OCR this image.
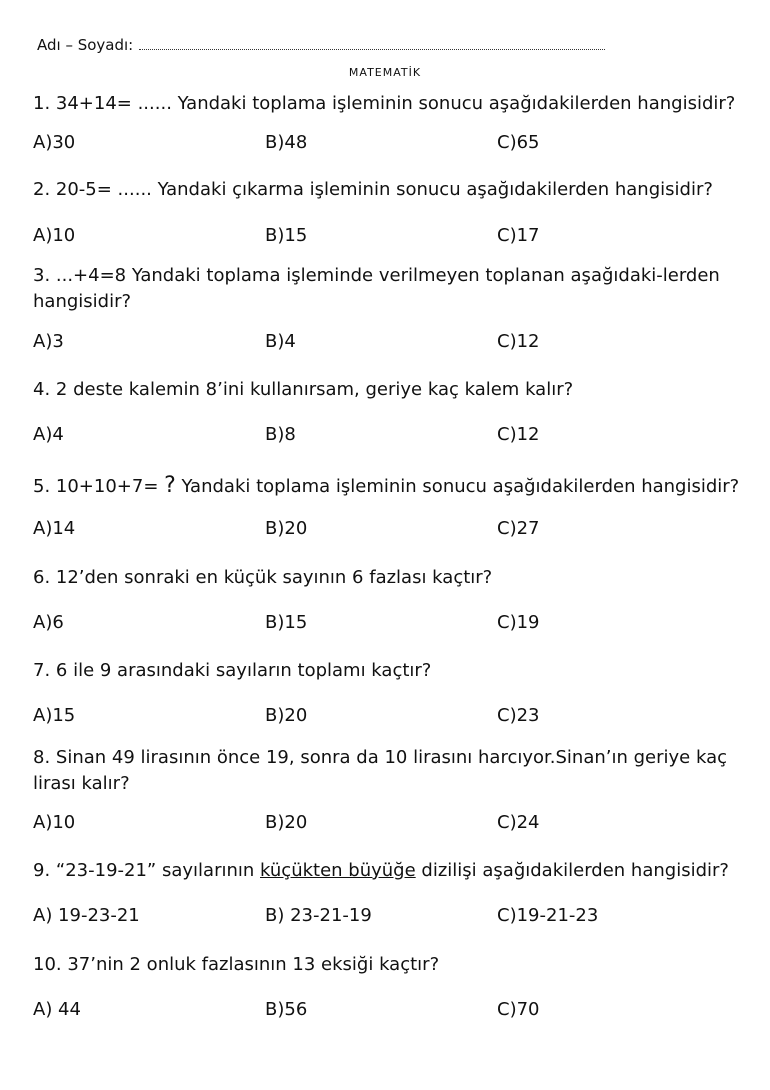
Adı – Soyadı:
MATEMATİK
1. 34+14= ...... Yandaki toplama işleminin sonucu aşağıdakilerden hangisidir?
A)30	B)48	C)65
2. 20-5= ...... Yandaki çıkarma işleminin sonucu aşağıdakilerden hangisidir?
A)10	B)15	C)17
3. ...+4=8 Yandaki toplama işleminde verilmeyen toplanan aşağıdaki-lerden hangisidir?
A)3	B)4	C)12
4. 2 deste kalemin 8’ini kullanırsam, geriye kaç kalem kalır?
A)4	B)8	C)12
5. 10+10+7= ? Yandaki toplama işleminin sonucu aşağıdakilerden hangisidir?
A)14	B)20	C)27
6. 12’den sonraki en küçük sayının 6 fazlası kaçtır?
A)6	B)15	C)19
7. 6 ile 9 arasındaki sayıların toplamı kaçtır?
A)15	B)20	C)23
8. Sinan 49 lirasının önce 19, sonra da 10 lirasını harcıyor.Sinan’ın geriye kaç lirası kalır?
A)10	B)20	C)24
9. “23-19-21” sayılarının küçükten büyüğe dizilişi aşağıdakilerden hangisidir?
A) 19-23-21	B) 23-21-19	C)19-21-23
10. 37’nin 2 onluk fazlasının 13 eksiği kaçtır?
A) 44	B)56	C)70
